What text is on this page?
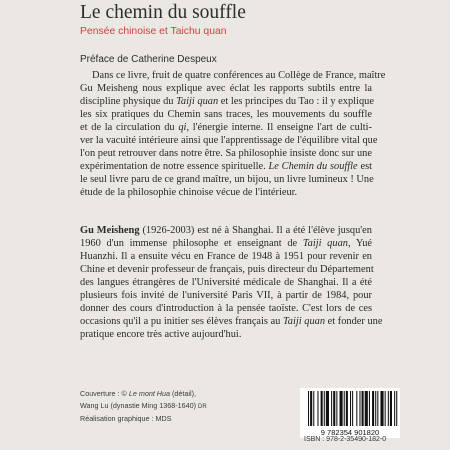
Le chemin du souffle
Pensée chinoise et Taichu quan
Préface de Catherine Despeux
Dans ce livre, fruit de quatre conférences au Collège de France, maître
Gu Meisheng nous explique avec éclat les rapports subtils entre la
discipline physique du Taiji quan et les principes du Tao : il y explique
les six pratiques du Chemin sans traces, les mouvements du souffle
et de la circulation du qi, l'énergie interne. Il enseigne l'art de culti-
ver la vacuité intérieure ainsi que l'apprentissage de l'équilibre vital que
l'on peut retrouver dans notre être. Sa philosophie insiste donc sur une
expérimentation de notre essence spirituelle. Le Chemin du souffle est
le seul livre paru de ce grand maître, un bijou, un livre lumineux ! Une
étude de la philosophie chinoise vécue de l'intérieur.
Gu Meisheng (1926-2003) est né à Shanghai. Il a été l'élève jusqu'en
1960 d'un immense philosophe et enseignant de Taiji quan, Yué
Huanzhi. Il a ensuite vécu en France de 1948 à 1951 pour revenir en
Chine et devenir professeur de français, puis directeur du Département
des langues étrangères de l'Université médicale de Shanghai. Il a été
plusieurs fois invité de l'université Paris VII, à partir de 1984, pour
donner des cours d'introduction à la pensée taoïste. C'est lors de ces
occasions qu'il a pu initier ses élèves français au Taiji quan et fonder une
pratique encore très active aujourd'hui.
Couverture : © Le mont Hua (détail),
Wang Lu (dynastie Ming 1368-1640) DR
Réalisation graphique : MDS
9 782354 901820
ISBN : 978-2-35490-182-0
